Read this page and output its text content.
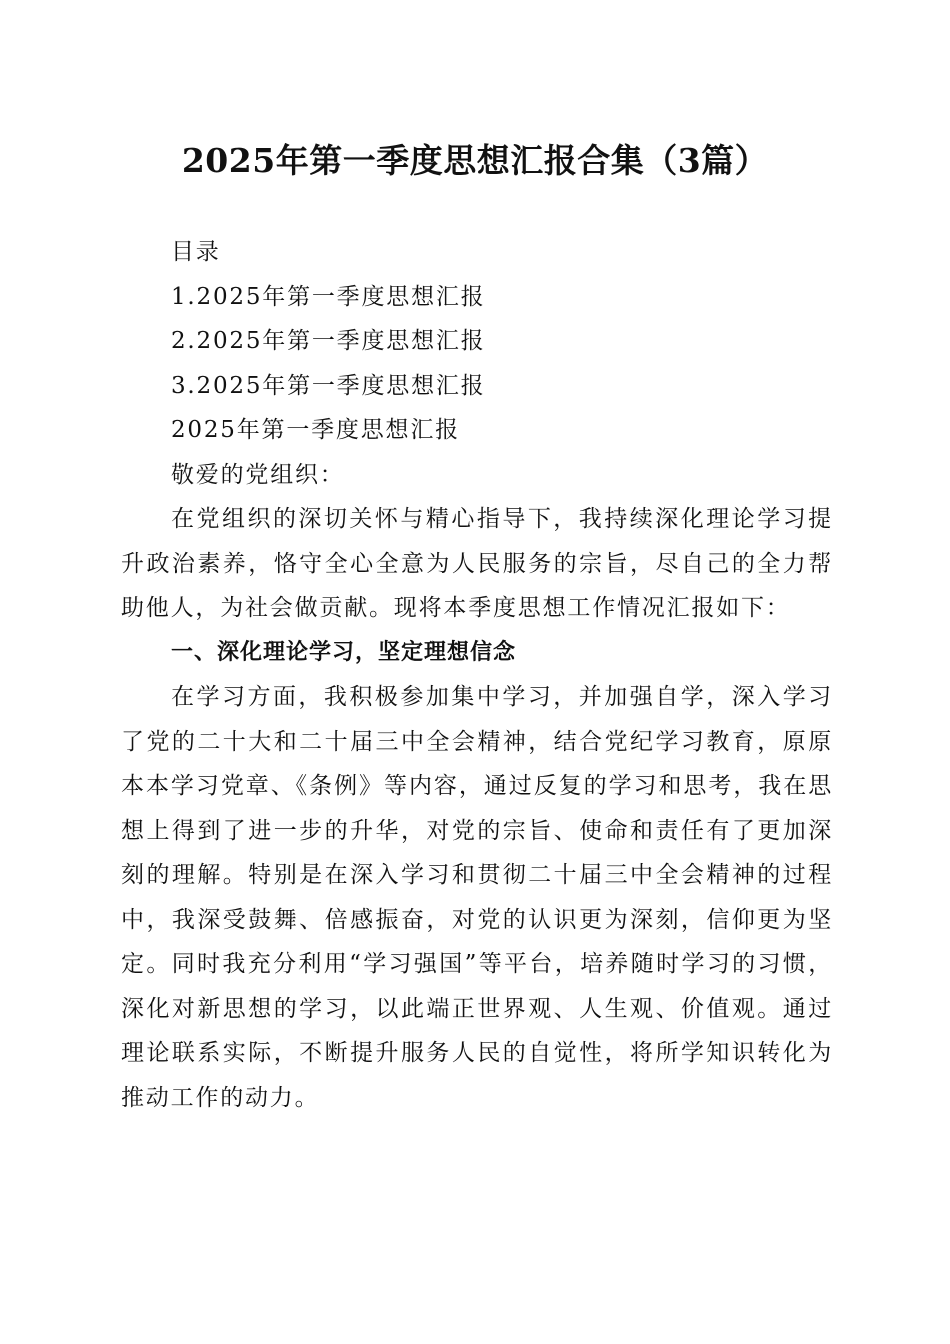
2025年第一季度思想汇报合集（3篇）

目录

1.2025年第一季度思想汇报

2.2025年第一季度思想汇报

3.2025年第一季度思想汇报

2025年第一季度思想汇报

敬爱的党组织：

在党组织的深切关怀与精心指导下，我持续深化理论学习提升政治素养，恪守全心全意为人民服务的宗旨，尽自己的全力帮助他人，为社会做贡献。现将本季度思想工作情况汇报如下：

一、深化理论学习，坚定理想信念

在学习方面，我积极参加集中学习，并加强自学，深入学习了党的二十大和二十届三中全会精神，结合党纪学习教育，原原本本学习党章、《条例》等内容，通过反复的学习和思考，我在思想上得到了进一步的升华，对党的宗旨、使命和责任有了更加深刻的理解。特别是在深入学习和贯彻二十届三中全会精神的过程中，我深受鼓舞、倍感振奋，对党的认识更为深刻，信仰更为坚定。同时我充分利用“学习强国”等平台，培养随时学习的习惯，深化对新思想的学习，以此端正世界观、人生观、价值观。通过理论联系实际，不断提升服务人民的自觉性，将所学知识转化为推动工作的动力。
